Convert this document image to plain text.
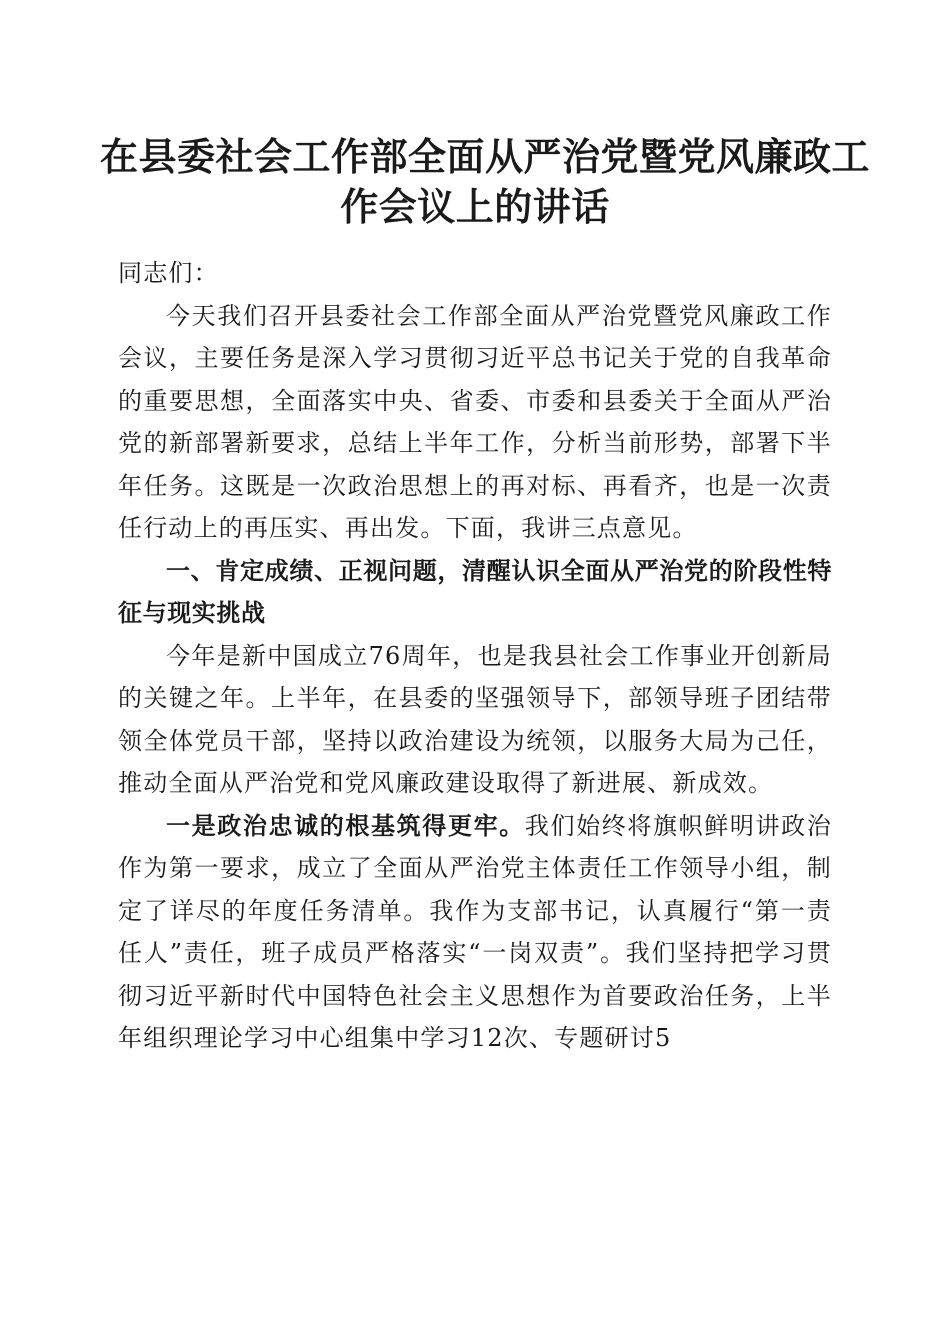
在县委社会工作部全面从严治党暨党风廉政工
作会议上的讲话

同志们：

今天我们召开县委社会工作部全面从严治党暨党风廉政工作会议，主要任务是深入学习贯彻习近平总书记关于党的自我革命的重要思想，全面落实中央、省委、市委和县委关于全面从严治党的新部署新要求，总结上半年工作，分析当前形势，部署下半年任务。这既是一次政治思想上的再对标、再看齐，也是一次责任行动上的再压实、再出发。下面，我讲三点意见。

一、肯定成绩、正视问题，清醒认识全面从严治党的阶段性特征与现实挑战

今年是新中国成立76周年，也是我县社会工作事业开创新局的关键之年。上半年，在县委的坚强领导下，部领导班子团结带领全体党员干部，坚持以政治建设为统领，以服务大局为己任，推动全面从严治党和党风廉政建设取得了新进展、新成效。

一是政治忠诚的根基筑得更牢。我们始终将旗帜鲜明讲政治作为第一要求，成立了全面从严治党主体责任工作领导小组，制定了详尽的年度任务清单。我作为支部书记，认真履行“第一责任人”责任，班子成员严格落实“一岗双责”。我们坚持把学习贯彻习近平新时代中国特色社会主义思想作为首要政治任务，上半年组织理论学习中心组集中学习12次、专题研讨5
